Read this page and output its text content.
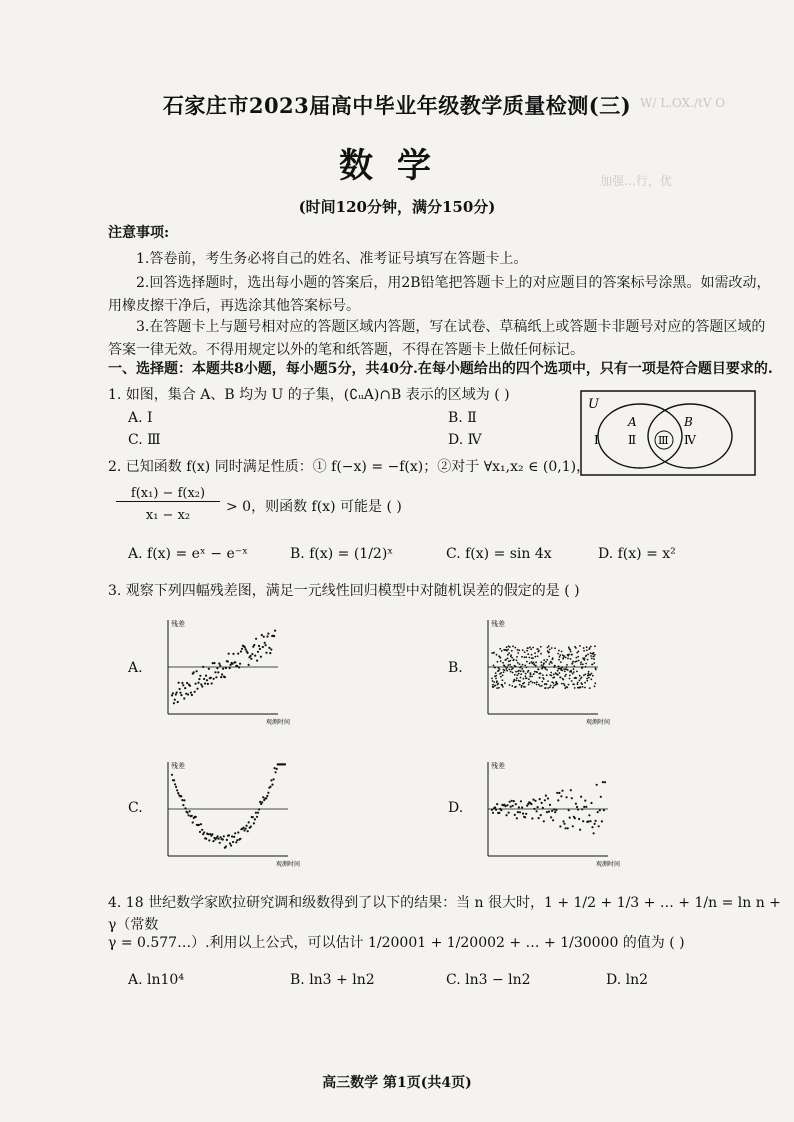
W/ L.OX./tV O
加强…行，优
石家庄市2023届高中毕业年级教学质量检测(三)
数学
(时间120分钟，满分150分)
注意事项:
1.答卷前，考生务必将自己的姓名、准考证号填写在答题卡上。
2.回答选择题时，选出每小题的答案后，用2B铅笔把答题卡上的对应题目的答案标号涂黑。如需改动，用橡皮擦干净后，再选涂其他答案标号。
3.在答题卡上与题号相对应的答题区域内答题，写在试卷、草稿纸上或答题卡非题号对应的答题区域的答案一律无效。不得用规定以外的笔和纸答题，不得在答题卡上做任何标记。
一、选择题：本题共8小题，每小题5分，共40分.在每小题给出的四个选项中，只有一项是符合题目要求的.
1. 如图，集合 A、B 均为 U 的子集，(∁ᵤA)∩B 表示的区域为 ( )
A. Ⅰ	B. Ⅱ
C. Ⅲ	D. Ⅳ
U
A	B
Ⅰ Ⅱ Ⅲ Ⅳ
2. 已知函数 f(x) 同时满足性质：① f(−x) = −f(x)；②对于 ∀x₁,x₂ ∈ (0,1)，
f(x₁) − f(x₂)
x₁ − x₂
> 0，则函数 f(x) 可能是 ( )
A. f(x) = eˣ − e⁻ˣ	B. f(x) = (1/2)ˣ	C. f(x) = sin 4x	D. f(x) = x²
3. 观察下列四幅残差图，满足一元线性回归模型中对随机误差的假定的是 ( )
A.	B.
C.	D.
残差
观测时间
残差
观测时间
残差
观测时间
残差
观测时间
4. 18 世纪数学家欧拉研究调和级数得到了以下的结果：当 n 很大时，1 + 1/2 + 1/3 + … + 1/n = ln n + γ（常数
γ = 0.577…）.利用以上公式，可以估计 1/20001 + 1/20002 + … + 1/30000 的值为 ( )
A. ln10⁴	B. ln3 + ln2	C. ln3 − ln2	D. ln2
高三数学 第1页(共4页)
